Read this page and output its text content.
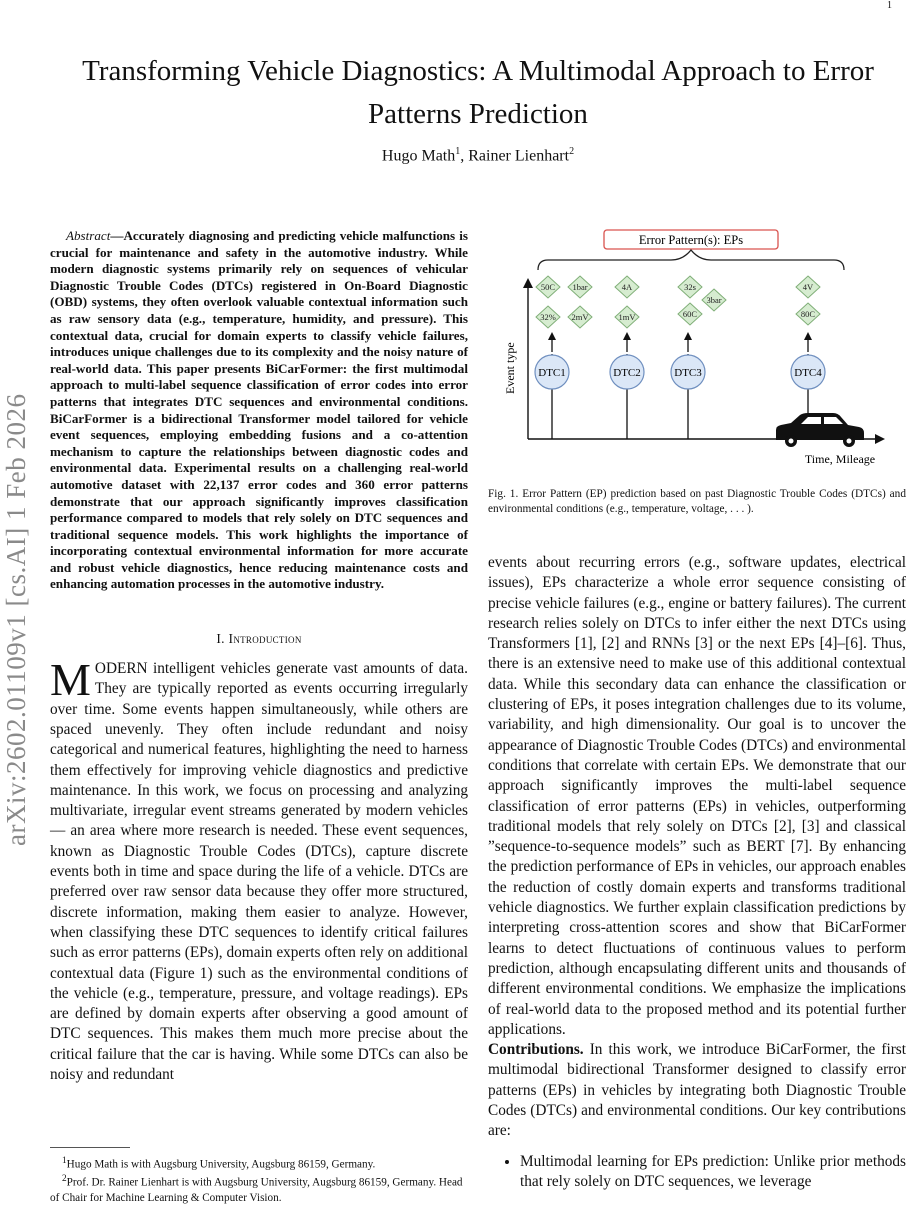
1
arXiv:2602.01109v1 [cs.AI] 1 Feb 2026
Transforming Vehicle Diagnostics: A Multimodal Approach to Error Patterns Prediction
Hugo Math$^1$, Rainer Lienhart$^2$

Abstract—Accurately diagnosing and predicting vehicle malfunctions is crucial for maintenance and safety in the automotive industry. While modern diagnostic systems primarily rely on sequences of vehicular Diagnostic Trouble Codes (DTCs) registered in On-Board Diagnostic (OBD) systems, they often overlook valuable contextual information such as raw sensory data (e.g., temperature, humidity, and pressure). This contextual data, crucial for domain experts to classify vehicle failures, introduces unique challenges due to its complexity and the noisy nature of real-world data. This paper presents BiCarFormer: the first multimodal approach to multi-label sequence classification of error codes into error patterns that integrates DTC sequences and environmental conditions. BiCarFormer is a bidirectional Transformer model tailored for vehicle event sequences, employing embedding fusions and a co-attention mechanism to capture the relationships between diagnostic codes and environmental data. Experimental results on a challenging real-world automotive dataset with 22,137 error codes and 360 error patterns demonstrate that our approach significantly improves classification performance compared to models that rely solely on DTC sequences and traditional sequence models. This work highlights the importance of incorporating contextual environmental information for more accurate and robust vehicle diagnostics, hence reducing maintenance costs and enhancing automation processes in the automotive industry.

I. Introduction

MODERN intelligent vehicles generate vast amounts of data. They are typically reported as events occurring irregularly over time. Some events happen simultaneously, while others are spaced unevenly. They often include redundant and noisy categorical and numerical features, highlighting the need to harness them effectively for improving vehicle diagnostics and predictive maintenance. In this work, we focus on processing and analyzing multivariate, irregular event streams generated by modern vehicles — an area where more research is needed. These event sequences, known as Diagnostic Trouble Codes (DTCs), capture discrete events both in time and space during the life of a vehicle. DTCs are preferred over raw sensor data because they offer more structured, discrete information, making them easier to analyze. However, when classifying these DTC sequences to identify critical failures such as error patterns (EPs), domain experts often rely on additional contextual data (Figure 1) such as the environmental conditions of the vehicle (e.g., temperature, pressure, and voltage readings). EPs are defined by domain experts after observing a good amount of DTC sequences. This makes them much more precise about the critical failure that the car is having. While some DTCs can also be noisy and redundant

$^1$Hugo Math is with Augsburg University, Augsburg 86159, Germany.

$^2$Prof. Dr. Rainer Lienhart is with Augsburg University, Augsburg 86159, Germany. Head of Chair for Machine Learning & Computer Vision.

Error Pattern(s): EPs
Event type
Time, Mileage
DTC1	DTC2	DTC3	DTC4
50C 1bar
32% 2mV
4A
1mV
32s
3bar
60C
4V
80C
Fig. 1. Error Pattern (EP) prediction based on past Diagnostic Trouble Codes (DTCs) and environmental conditions (e.g., temperature, voltage, . . . ).

events about recurring errors (e.g., software updates, electrical issues), EPs characterize a whole error sequence consisting of precise vehicle failures (e.g., engine or battery failures). The current research relies solely on DTCs to infer either the next DTCs using Transformers [1], [2] and RNNs [3] or the next EPs [4]–[6]. Thus, there is an extensive need to make use of this additional contextual data. While this secondary data can enhance the classification or clustering of EPs, it poses integration challenges due to its volume, variability, and high dimensionality. Our goal is to uncover the appearance of Diagnostic Trouble Codes (DTCs) and environmental conditions that correlate with certain EPs. We demonstrate that our approach significantly improves the multi-label sequence classification of error patterns (EPs) in vehicles, outperforming traditional models that rely solely on DTCs [2], [3] and classical ”sequence-to-sequence models” such as BERT [7]. By enhancing the prediction performance of EPs in vehicles, our approach enables the reduction of costly domain experts and transforms traditional vehicle diagnostics. We further explain classification predictions by interpreting cross-attention scores and show that BiCarFormer learns to detect fluctuations of continuous values to perform prediction, although encapsulating different units and thousands of different environmental conditions. We emphasize the implications of real-world data to the proposed method and its potential further applications.

Contributions. In this work, we introduce BiCarFormer, the first multimodal bidirectional Transformer designed to classify error patterns (EPs) in vehicles by integrating both Diagnostic Trouble Codes (DTCs) and environmental conditions. Our key contributions are:

• Multimodal learning for EPs prediction: Unlike prior methods that rely solely on DTC sequences, we leverage
